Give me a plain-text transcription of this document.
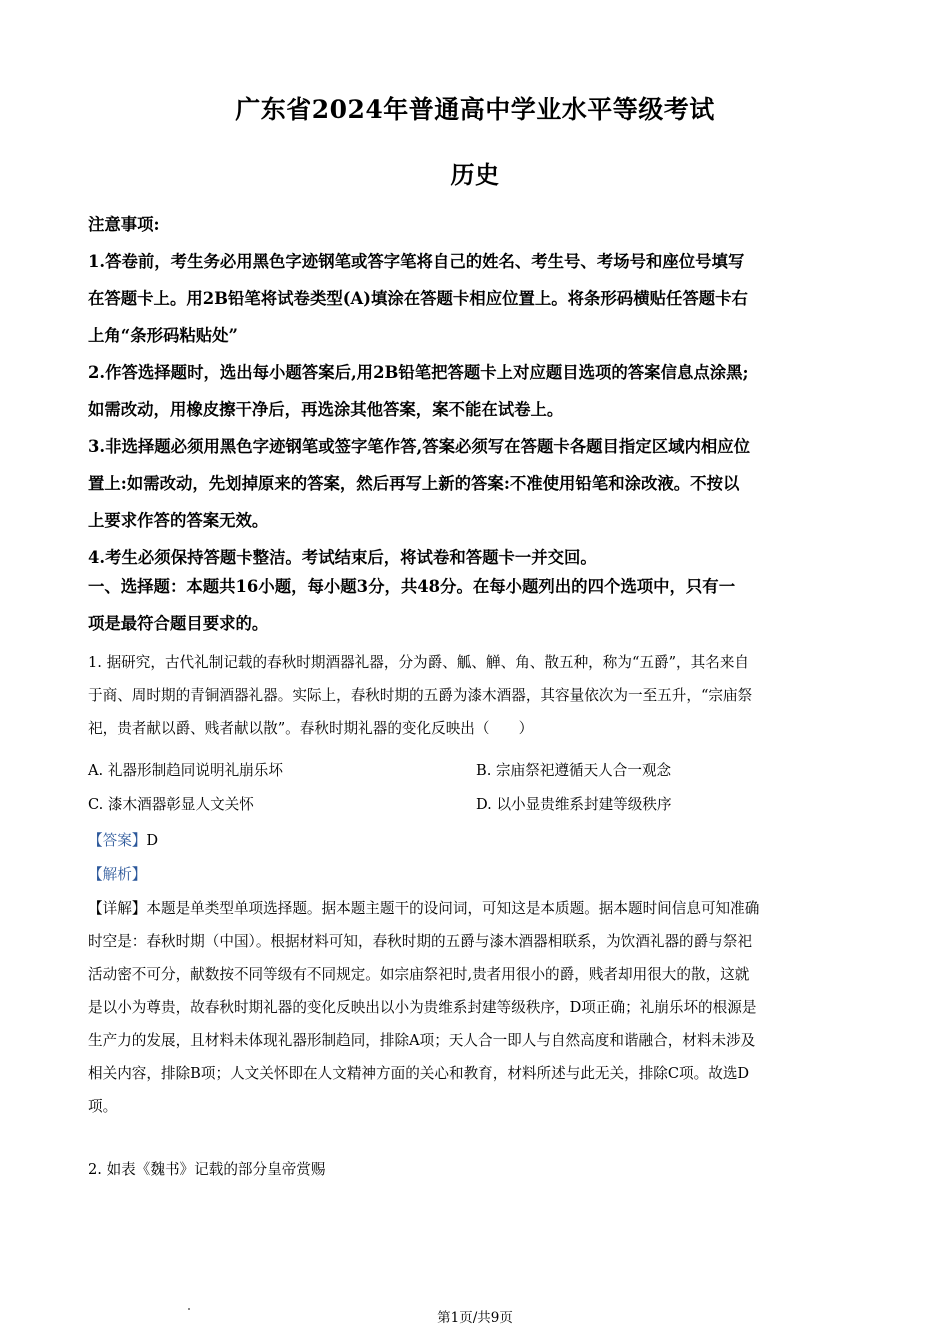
广东省2024年普通高中学业水平等级考试
历史

注意事项:

1.答卷前，考生务必用黑色字迹钢笔或答字笔将自己的姓名、考生号、考场号和座位号填写

在答题卡上。用2B铅笔将试卷类型(A)填涂在答题卡相应位置上。将条形码横贴任答题卡右

上角“条形码粘贴处”

2.作答选择题时，选出每小题答案后,用2B铅笔把答题卡上对应题目选项的答案信息点涂黑;

如需改动，用橡皮擦干净后，再选涂其他答案，案不能在试卷上。

3.非选择题必须用黑色字迹钢笔或签字笔作答,答案必须写在答题卡各题目指定区域内相应位

置上:如需改动，先划掉原来的答案，然后再写上新的答案:不准使用铅笔和涂改液。不按以

上要求作答的答案无效。

4.考生必须保持答题卡整洁。考试结束后，将试卷和答题卡一并交回。

一、选择题：本题共16小题，每小题3分，共48分。在每小题列出的四个选项中，只有一

项是最符合题目要求的。

1. 据研究，古代礼制记载的春秋时期酒器礼器，分为爵、觚、觯、角、散五种，称为“五爵”，其名来自

于商、周时期的青铜酒器礼器。实际上，春秋时期的五爵为漆木酒器，其容量依次为一至五升，“宗庙祭

祀，贵者献以爵、贱者献以散”。春秋时期礼器的变化反映出（　　）

A. 礼器形制趋同说明礼崩乐坏	B. 宗庙祭祀遵循天人合一观念
C. 漆木酒器彰显人文关怀	D. 以小显贵维系封建等级秩序

【答案】D

【解析】

【详解】本题是单类型单项选择题。据本题主题干的设问词，可知这是本质题。据本题时间信息可知准确

时空是：春秋时期（中国）。根据材料可知，春秋时期的五爵与漆木酒器相联系，为饮酒礼器的爵与祭祀

活动密不可分，献数按不同等级有不同规定。如宗庙祭祀时,贵者用很小的爵，贱者却用很大的散，这就

是以小为尊贵，故春秋时期礼器的变化反映出以小为贵维系封建等级秩序，D项正确；礼崩乐坏的根源是

生产力的发展，且材料未体现礼器形制趋同，排除A项；天人合一即人与自然高度和谐融合，材料未涉及

相关内容，排除B项；人文关怀即在人文精神方面的关心和教育，材料所述与此无关，排除C项。故选D

项。

2. 如表《魏书》记载的部分皇帝赏赐

第1页/共9页
